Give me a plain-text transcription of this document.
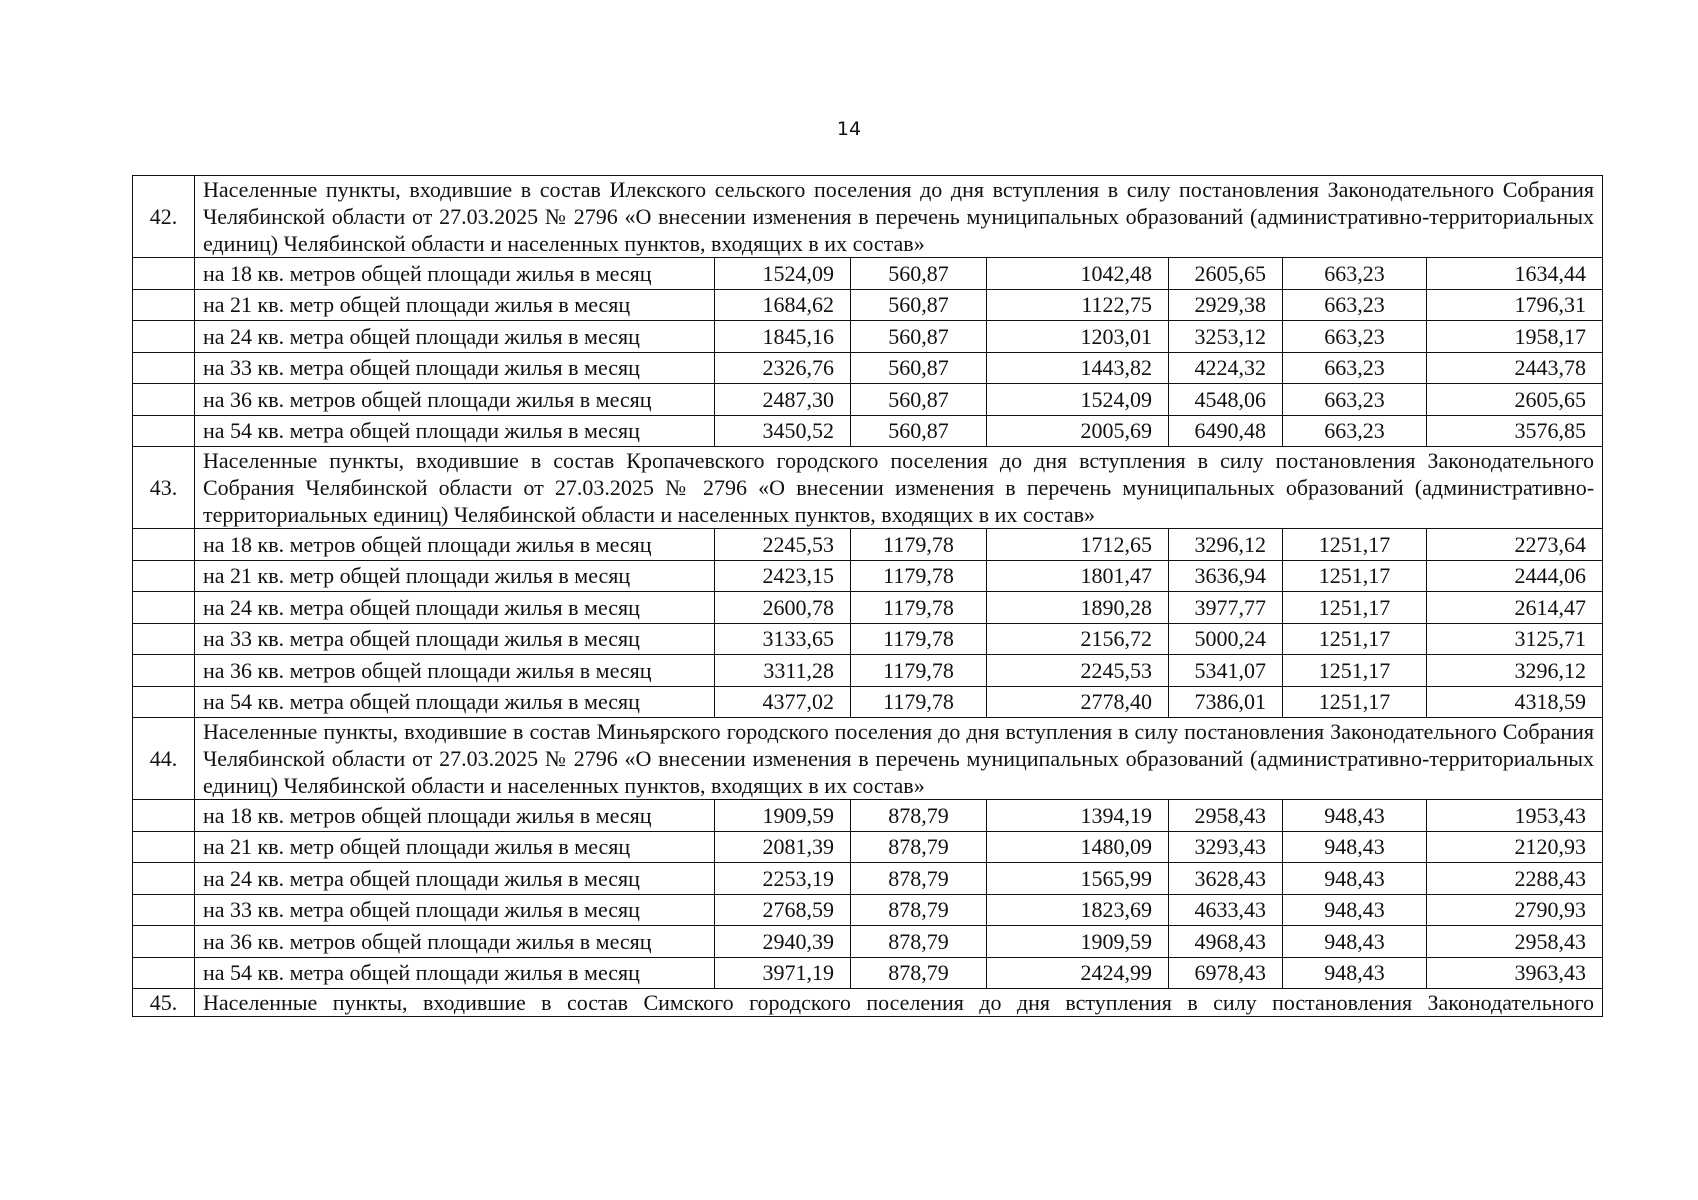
14
42.	Населенные пункты, входившие в состав Илекского сельского поселения до дня вступления в силу постановления Законодательного Собрания Челябинской области от 27.03.2025 № 2796 «О внесении изменения в перечень муниципальных образований (административно-территориальных единиц) Челябинской области и населенных пунктов, входящих в их состав»						
	на 18 кв. метров общей площади жилья в месяц	1524,09	560,87	1042,48	2605,65	663,23	1634,44
	на 21 кв. метр общей площади жилья в месяц	1684,62	560,87	1122,75	2929,38	663,23	1796,31
	на 24 кв. метра общей площади жилья в месяц	1845,16	560,87	1203,01	3253,12	663,23	1958,17
	на 33 кв. метра общей площади жилья в месяц	2326,76	560,87	1443,82	4224,32	663,23	2443,78
	на 36 кв. метров общей площади жилья в месяц	2487,30	560,87	1524,09	4548,06	663,23	2605,65
	на 54 кв. метра общей площади жилья в месяц	3450,52	560,87	2005,69	6490,48	663,23	3576,85
43.	Населенные пункты, входившие в состав Кропачевского городского поселения до дня вступления в силу постановления Законодательного Собрания Челябинской области от 27.03.2025 № 2796 «О внесении изменения в перечень муниципальных образований (административно-территориальных единиц) Челябинской области и населенных пунктов, входящих в их состав»						
	на 18 кв. метров общей площади жилья в месяц	2245,53	1179,78	1712,65	3296,12	1251,17	2273,64
	на 21 кв. метр общей площади жилья в месяц	2423,15	1179,78	1801,47	3636,94	1251,17	2444,06
	на 24 кв. метра общей площади жилья в месяц	2600,78	1179,78	1890,28	3977,77	1251,17	2614,47
	на 33 кв. метра общей площади жилья в месяц	3133,65	1179,78	2156,72	5000,24	1251,17	3125,71
	на 36 кв. метров общей площади жилья в месяц	3311,28	1179,78	2245,53	5341,07	1251,17	3296,12
	на 54 кв. метра общей площади жилья в месяц	4377,02	1179,78	2778,40	7386,01	1251,17	4318,59
44.	Населенные пункты, входившие в состав Миньярского городского поселения до дня вступления в силу постановления Законодательного Собрания Челябинской области от 27.03.2025 № 2796 «О внесении изменения в перечень муниципальных образований (административно-территориальных единиц) Челябинской области и населенных пунктов, входящих в их состав»						
	на 18 кв. метров общей площади жилья в месяц	1909,59	878,79	1394,19	2958,43	948,43	1953,43
	на 21 кв. метр общей площади жилья в месяц	2081,39	878,79	1480,09	3293,43	948,43	2120,93
	на 24 кв. метра общей площади жилья в месяц	2253,19	878,79	1565,99	3628,43	948,43	2288,43
	на 33 кв. метра общей площади жилья в месяц	2768,59	878,79	1823,69	4633,43	948,43	2790,93
	на 36 кв. метров общей площади жилья в месяц	2940,39	878,79	1909,59	4968,43	948,43	2958,43
	на 54 кв. метра общей площади жилья в месяц	3971,19	878,79	2424,99	6978,43	948,43	3963,43
45.	Населенные пункты, входившие в состав Симского городского поселения до дня вступления в силу постановления Законодательного						
